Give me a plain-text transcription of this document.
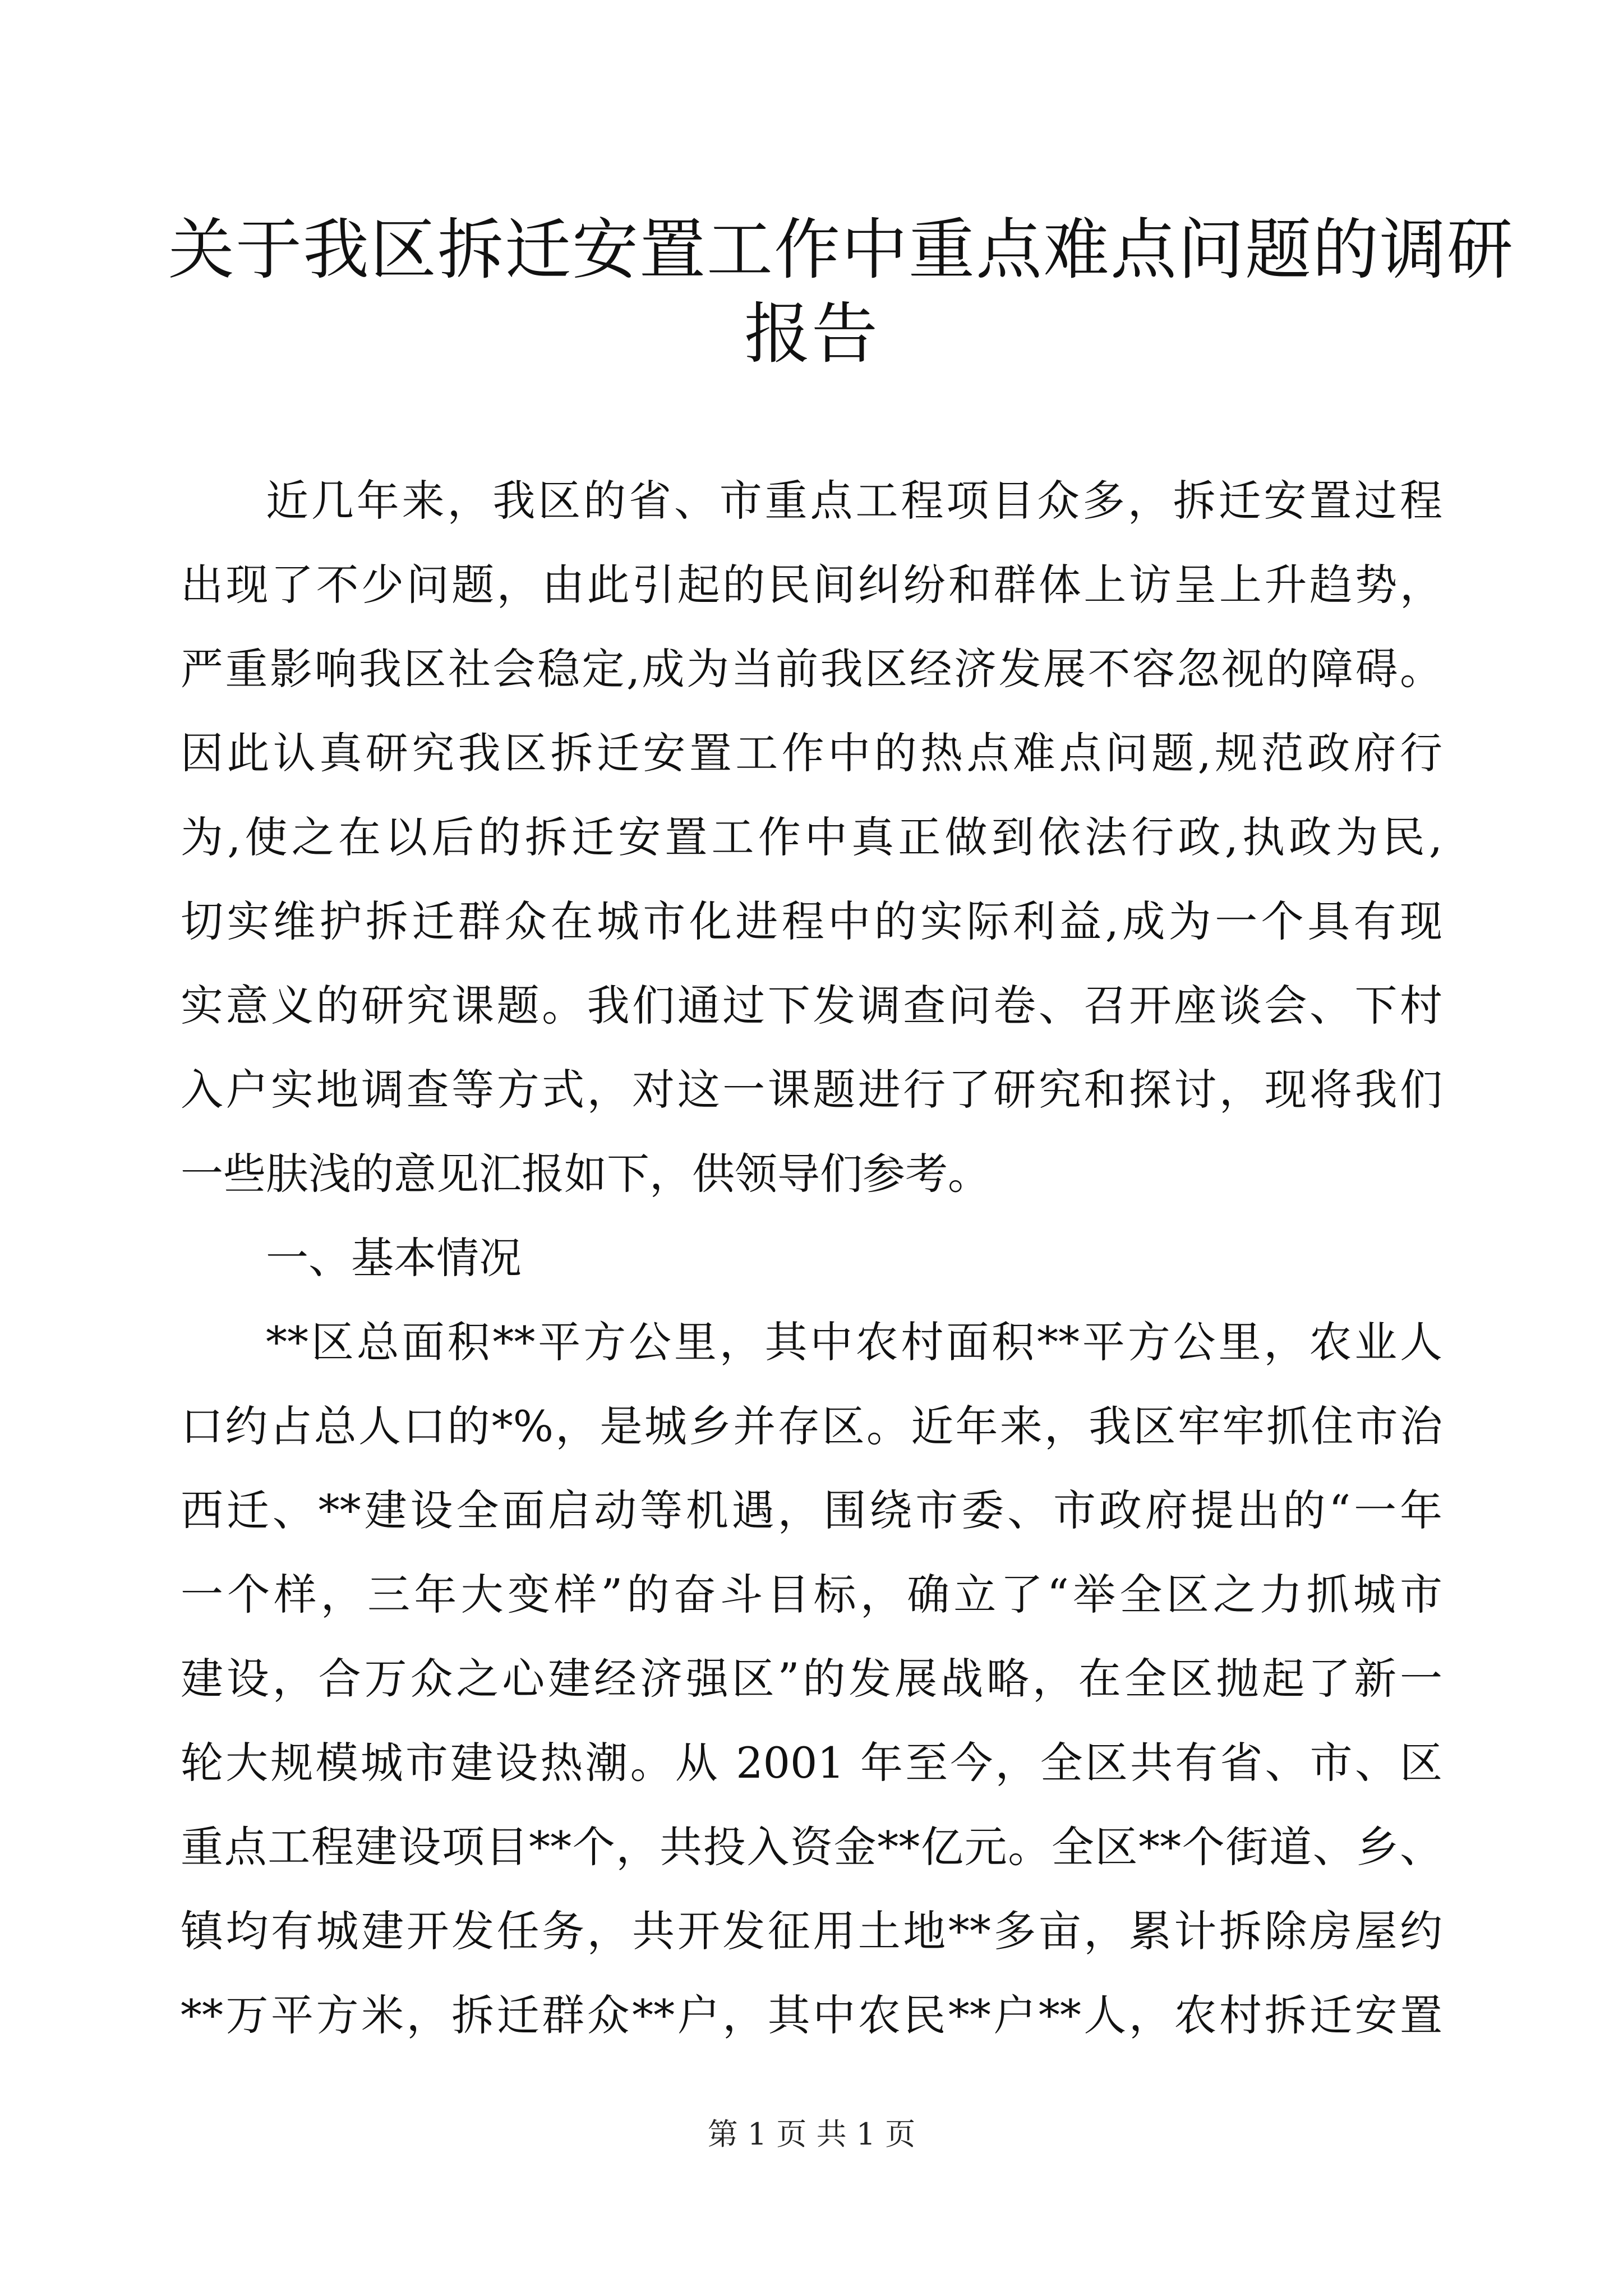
关于我区拆迁安置工作中重点难点问题的调研
报告
近几年来，我区的省、市重点工程项目众多，拆迁安置过程
出现了不少问题，由此引起的民间纠纷和群体上访呈上升趋势，
严重影响我区社会稳定,成为当前我区经济发展不容忽视的障碍。
因此认真研究我区拆迁安置工作中的热点难点问题,规范政府行
为,使之在以后的拆迁安置工作中真正做到依法行政,执政为民,
切实维护拆迁群众在城市化进程中的实际利益,成为一个具有现
实意义的研究课题。我们通过下发调查问卷、召开座谈会、下村
入户实地调查等方式，对这一课题进行了研究和探讨，现将我们
一些肤浅的意见汇报如下，供领导们参考。
一、基本情况
**区总面积**平方公里，其中农村面积**平方公里，农业人
口约占总人口的*%，是城乡并存区。近年来，我区牢牢抓住市治
西迁、**建设全面启动等机遇，围绕市委、市政府提出的“一年
一个样，三年大变样”的奋斗目标，确立了“举全区之力抓城市
建设，合万众之心建经济强区”的发展战略，在全区抛起了新一
轮大规模城市建设热潮。从 2001 年至今，全区共有省、市、区
重点工程建设项目**个，共投入资金**亿元。全区**个街道、乡、
镇均有城建开发任务，共开发征用土地**多亩，累计拆除房屋约
**万平方米，拆迁群众**户，其中农民**户**人，农村拆迁安置
第 1 页 共 1 页
